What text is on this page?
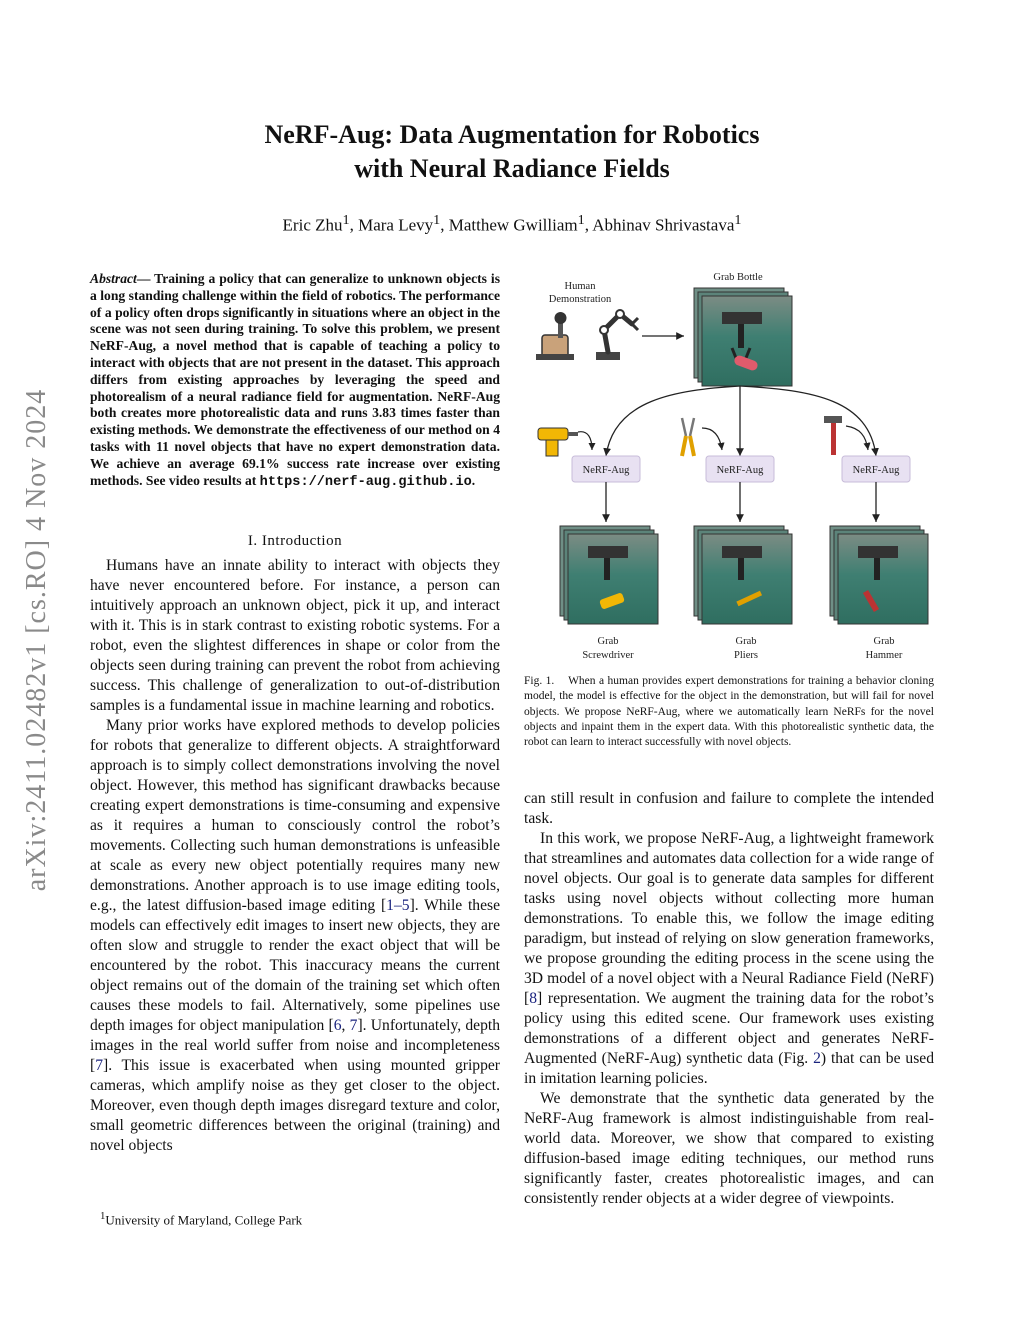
arXiv:2411.02482v1 [cs.RO] 4 Nov 2024
NeRF-Aug: Data Augmentation for Robotics
with Neural Radiance Fields
Eric Zhu$^1$, Mara Levy$^1$, Matthew Gwilliam$^1$, Abhinav Shrivastava$^1$
Abstract— Training a policy that can generalize to unknown objects is a long standing challenge within the field of robotics. The performance of a policy often drops significantly in situations where an object in the scene was not seen during training. To solve this problem, we present NeRF-Aug, a novel method that is capable of teaching a policy to interact with objects that are not present in the dataset. This approach differs from existing approaches by leveraging the speed and photorealism of a neural radiance field for augmentation. NeRF-Aug both creates more photorealistic data and runs 3.83 times faster than existing methods. We demonstrate the effectiveness of our method on 4 tasks with 11 novel objects that have no expert demonstration data. We achieve an average 69.1% success rate increase over existing methods. See video results at https://nerf-aug.github.io.
I. Introduction

Humans have an innate ability to interact with objects they have never encountered before. For instance, a person can intuitively approach an unknown object, pick it up, and interact with it. This is in stark contrast to existing robotic systems. For a robot, even the slightest differences in shape or color from the objects seen during training can prevent the robot from achieving success. This challenge of generalization to out-of-distribution samples is a fundamental issue in machine learning and robotics.

Many prior works have explored methods to develop policies for robots that generalize to different objects. A straightforward approach is to simply collect demonstrations involving the novel object. However, this method has significant drawbacks because creating expert demonstrations is time-consuming and expensive as it requires a human to consciously control the robot’s movements. Collecting such human demonstrations is unfeasible at scale as every new object potentially requires many new demonstrations. Another approach is to use image editing tools, e.g., the latest diffusion-based image editing [1–5]. While these models can effectively edit images to insert new objects, they are often slow and struggle to render the exact object that will be encountered by the robot. This inaccuracy means the current object remains out of the domain of the training set which often causes these models to fail. Alternatively, some pipelines use depth images for object manipulation [6, 7]. Unfortunately, depth images in the real world suffer from noise and incompleteness [7]. This issue is exacerbated when using mounted gripper cameras, which amplify noise as they get closer to the object. Moreover, even though depth images disregard texture and color, small geometric differences between the original (training) and novel objects

$^1$University of Maryland, College Park
Human
Demonstration
Grab Bottle
NeRF-Aug	NeRF-Aug	NeRF-Aug
Grab
Screwdriver
Grab
Pliers
Grab
Hammer
Fig. 1. When a human provides expert demonstrations for training a behavior cloning model, the model is effective for the object in the demonstration, but will fail for novel objects. We propose NeRF-Aug, where we automatically learn NeRFs for the novel objects and inpaint them in the expert data. With this photorealistic synthetic data, the robot can learn to interact successfully with novel objects.

can still result in confusion and failure to complete the intended task.

In this work, we propose NeRF-Aug, a lightweight framework that streamlines and automates data collection for a wide range of novel objects. Our goal is to generate data samples for different tasks using novel objects without collecting more human demonstrations. To enable this, we follow the image editing paradigm, but instead of relying on slow generation frameworks, we propose grounding the editing process in the scene using the 3D model of a novel object with a Neural Radiance Field (NeRF) [8] representation. We augment the training data for the robot’s policy using this edited scene. Our framework uses existing demonstrations of a different object and generates NeRF-Augmented (NeRF-Aug) synthetic data (Fig. 2) that can be used in imitation learning policies.

We demonstrate that the synthetic data generated by the NeRF-Aug framework is almost indistinguishable from real-world data. Moreover, we show that compared to existing diffusion-based image editing techniques, our method runs significantly faster, creates photorealistic images, and can consistently render objects at a wider degree of viewpoints.
